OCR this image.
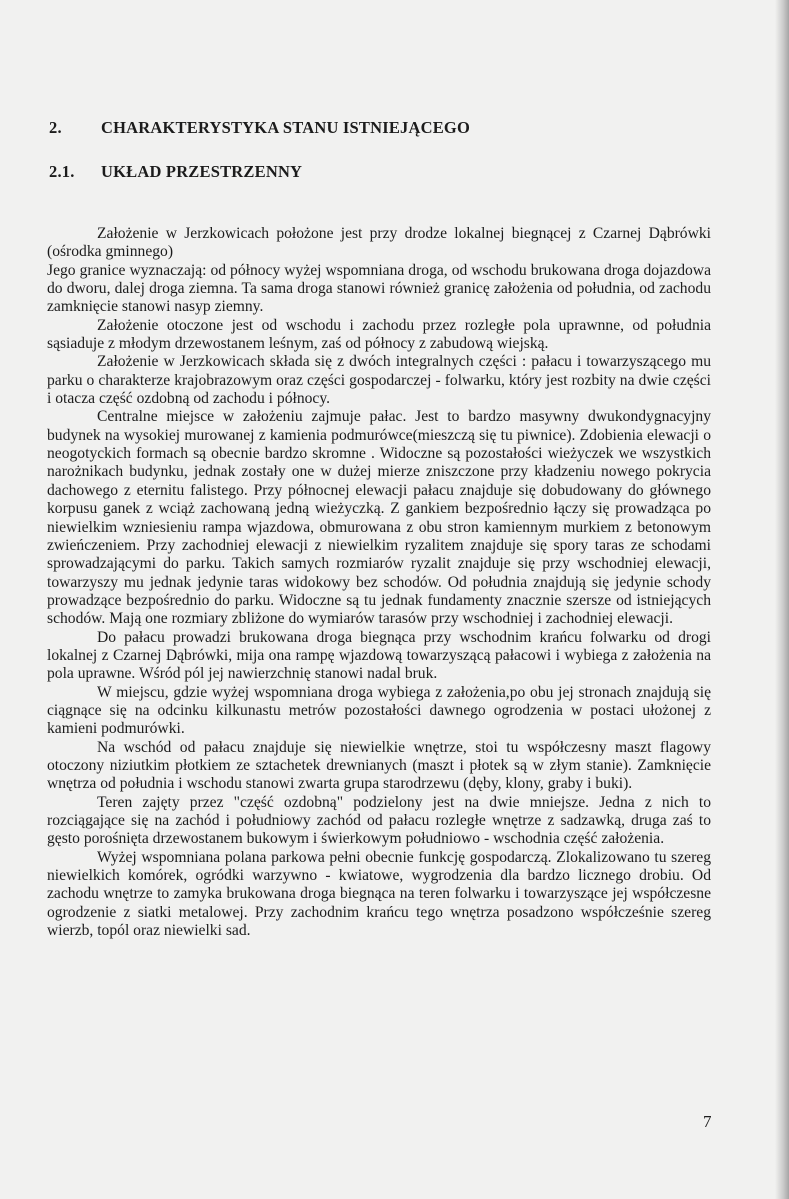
2. CHARAKTERYSTYKA STANU ISTNIEJĄCEGO
2.1. UKŁAD PRZESTRZENNY

Założenie w Jerzkowicach położone jest przy drodze lokalnej biegnącej z Czarnej Dąbrówki (ośrodka gminnego)

Jego granice wyznaczają: od północy wyżej wspomniana droga, od wschodu brukowana droga dojazdowa do dworu, dalej droga ziemna. Ta sama droga stanowi również granicę założenia od południa, od zachodu zamknięcie stanowi nasyp ziemny.

Założenie otoczone jest od wschodu i zachodu przez rozległe pola uprawnne, od południa sąsiaduje z młodym drzewostanem leśnym, zaś od północy z zabudową wiejską.

Założenie w Jerzkowicach składa się z dwóch integralnych części : pałacu i towarzyszącego mu parku o charakterze krajobrazowym oraz części gospodarczej - folwarku, który jest rozbity na dwie części i otacza część ozdobną od zachodu i północy.

Centralne miejsce w założeniu zajmuje pałac. Jest to bardzo masywny dwukondygnacyjny budynek na wysokiej murowanej z kamienia podmurówce(mieszczą się tu piwnice). Zdobienia elewacji o neogotyckich formach są obecnie bardzo skromne . Widoczne są pozostałości wieżyczek we wszystkich narożnikach budynku, jednak zostały one w dużej mierze zniszczone przy kładzeniu nowego pokrycia dachowego z eternitu falistego. Przy północnej elewacji pałacu znajduje się dobudowany do głównego korpusu ganek z wciąż zachowaną jedną wieżyczką. Z gankiem bezpośrednio łączy się prowadząca po niewielkim wzniesieniu rampa wjazdowa, obmurowana z obu stron kamiennym murkiem z betonowym zwieńczeniem. Przy zachodniej elewacji z niewielkim ryzalitem znajduje się spory taras ze schodami sprowadzającymi do parku. Takich samych rozmiarów ryzalit znajduje się przy wschodniej elewacji, towarzyszy mu jednak jedynie taras widokowy bez schodów. Od południa znajdują się jedynie schody prowadzące bezpośrednio do parku. Widoczne są tu jednak fundamenty znacznie szersze od istniejących schodów. Mają one rozmiary zbliżone do wymiarów tarasów przy wschodniej i zachodniej elewacji.

Do pałacu prowadzi brukowana droga biegnąca przy wschodnim krańcu folwarku od drogi lokalnej z Czarnej Dąbrówki, mija ona rampę wjazdową towarzyszącą pałacowi i wybiega z założenia na pola uprawne. Wśród pól jej nawierzchnię stanowi nadal bruk.

W miejscu, gdzie wyżej wspomniana droga wybiega z założenia,po obu jej stronach znajdują się ciągnące się na odcinku kilkunastu metrów pozostałości dawnego ogrodzenia w postaci ułożonej z kamieni podmurówki.

Na wschód od pałacu znajduje się niewielkie wnętrze, stoi tu współczesny maszt flagowy otoczony niziutkim płotkiem ze sztachetek drewnianych (maszt i płotek są w złym stanie). Zamknięcie wnętrza od południa i wschodu stanowi zwarta grupa starodrzewu (dęby, klony, graby i buki).

Teren zajęty przez "część ozdobną" podzielony jest na dwie mniejsze. Jedna z nich to rozciągające się na zachód i południowy zachód od pałacu rozległe wnętrze z sadzawką, druga zaś to gęsto porośnięta drzewostanem bukowym i świerkowym południowo - wschodnia część założenia.

Wyżej wspomniana polana parkowa pełni obecnie funkcję gospodarczą. Zlokalizowano tu szereg niewielkich komórek, ogródki warzywno - kwiatowe, wygrodzenia dla bardzo licznego drobiu. Od zachodu wnętrze to zamyka brukowana droga biegnąca na teren folwarku i towarzyszące jej współczesne ogrodzenie z siatki metalowej. Przy zachodnim krańcu tego wnętrza posadzono współcześnie szereg wierzb, topól oraz niewielki sad.

7
